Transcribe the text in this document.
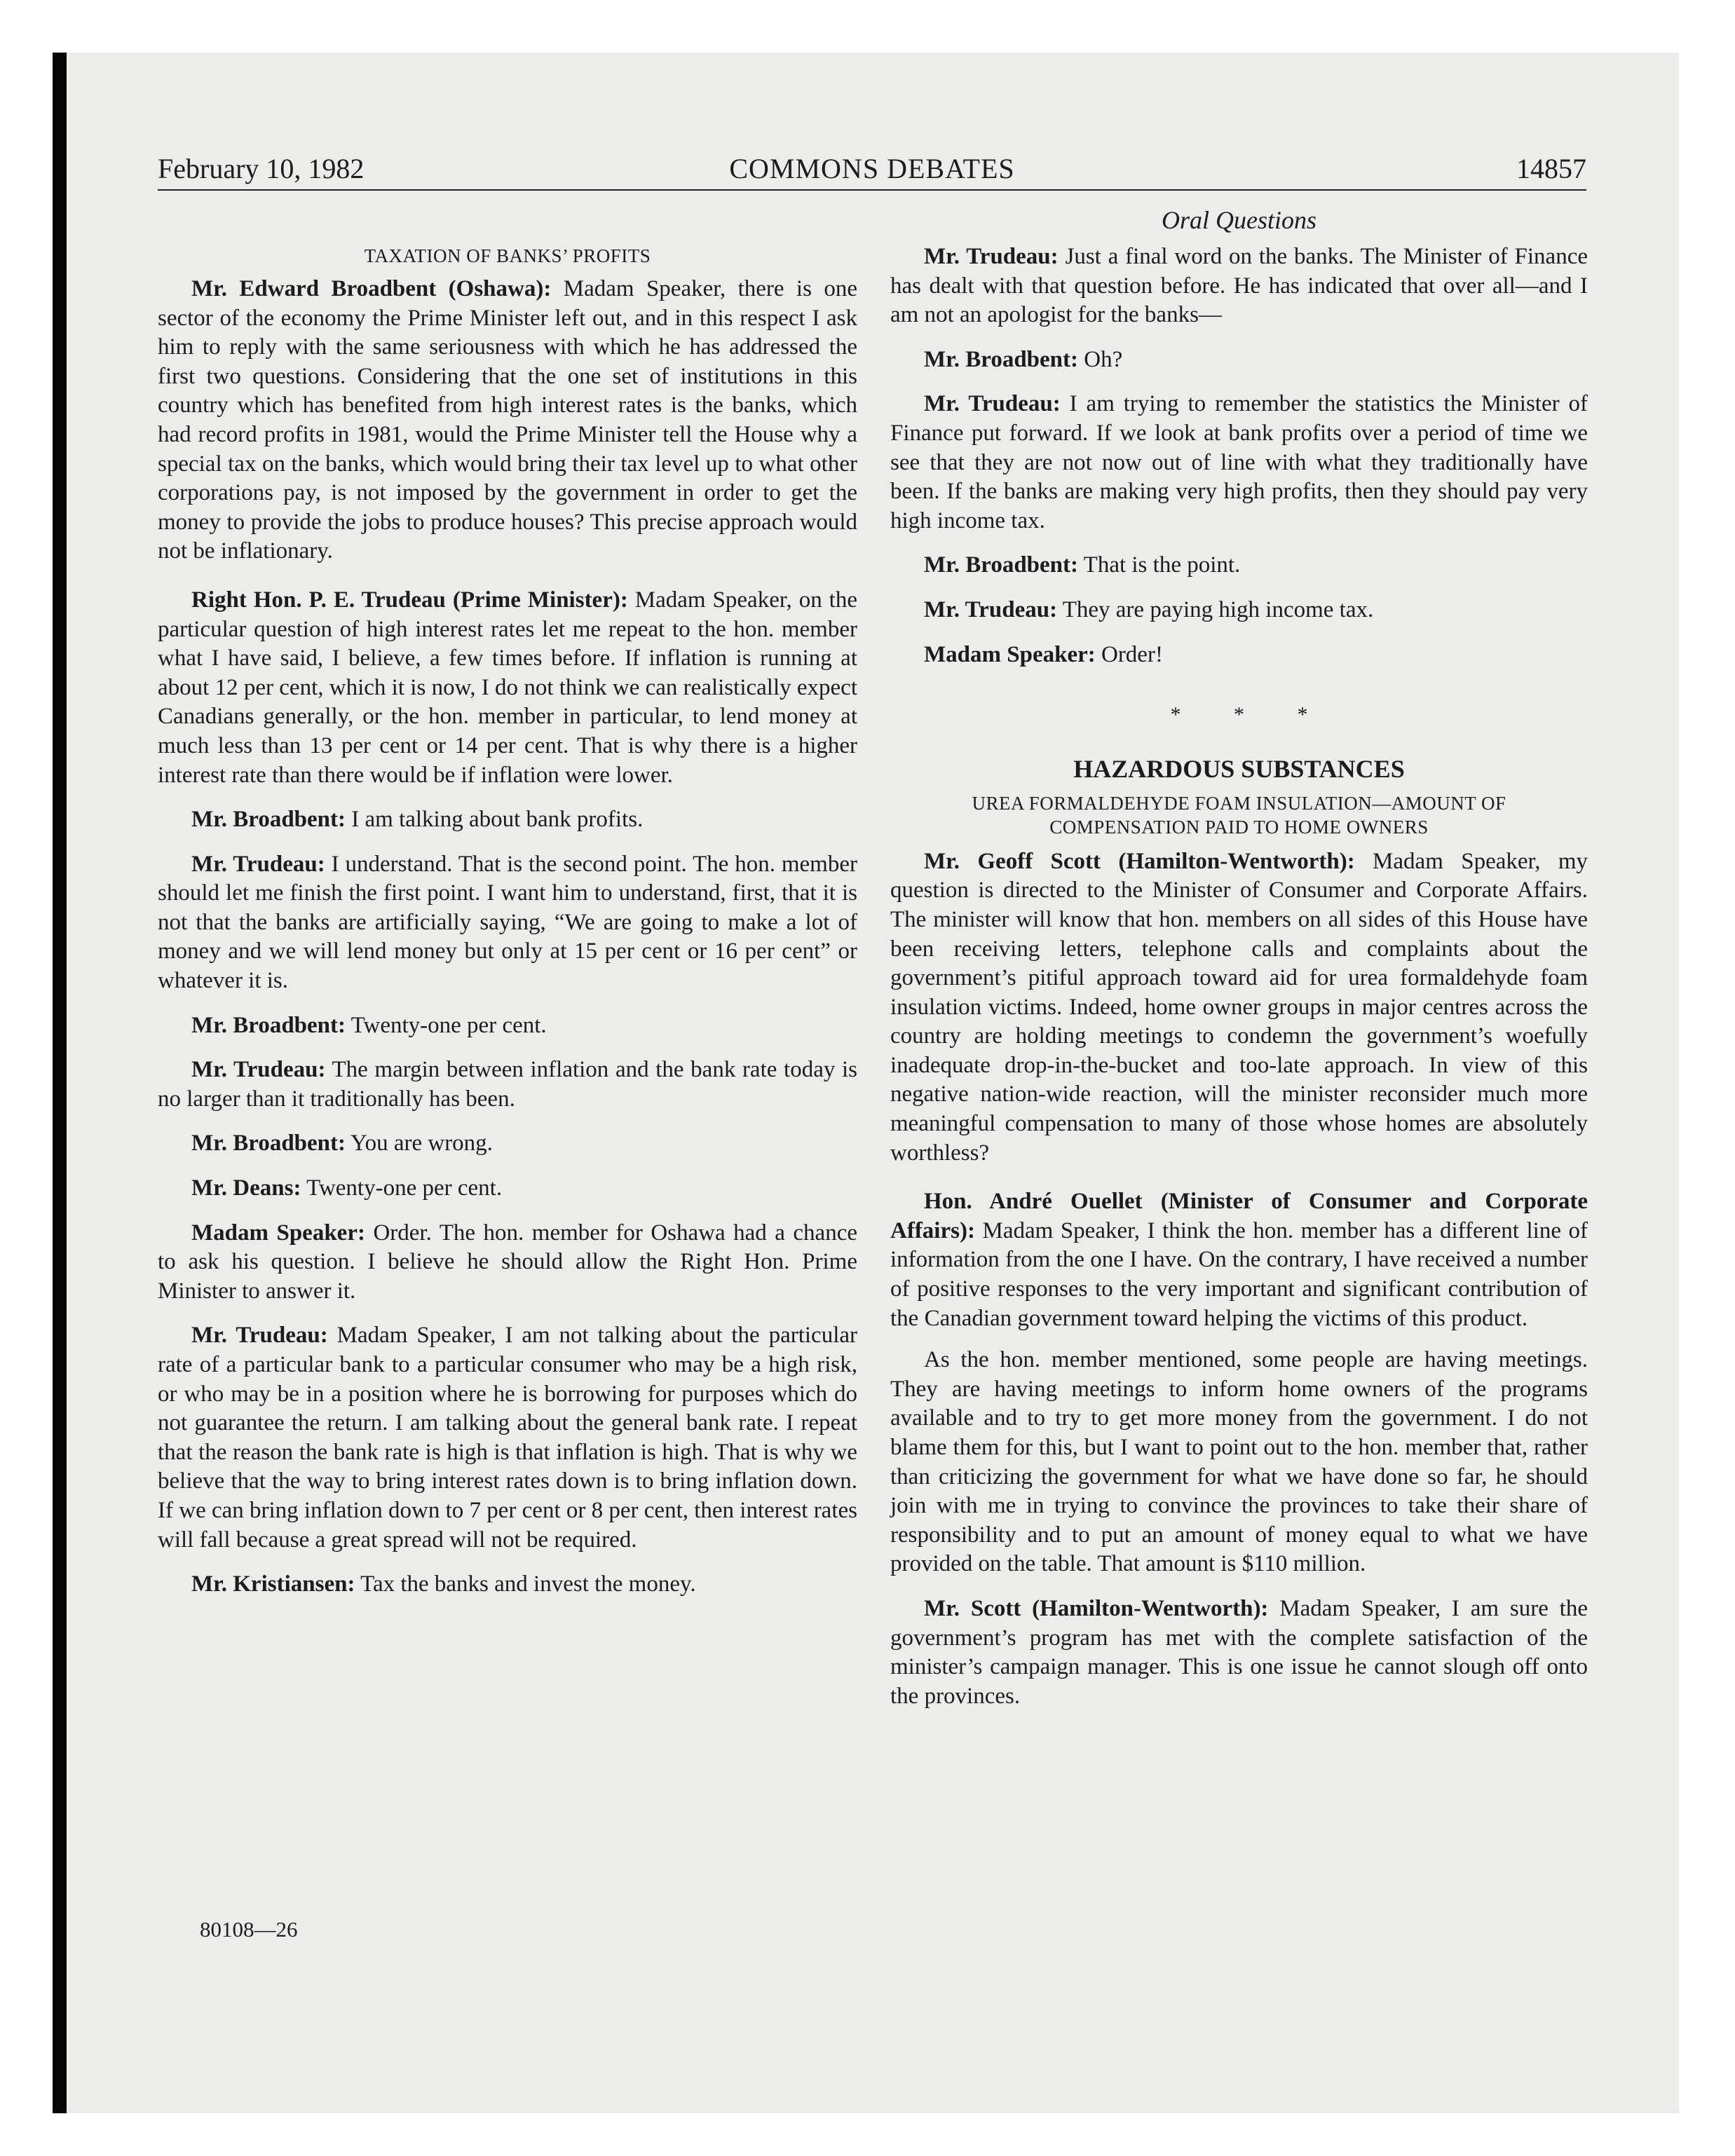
February 10, 1982	COMMONS DEBATES	14857
TAXATION OF BANKS’ PROFITS

Mr. Edward Broadbent (Oshawa): Madam Speaker, there is one sector of the economy the Prime Minister left out, and in this respect I ask him to reply with the same seriousness with which he has addressed the first two questions. Considering that the one set of institutions in this country which has benefited from high interest rates is the banks, which had record profits in 1981, would the Prime Minister tell the House why a special tax on the banks, which would bring their tax level up to what other corporations pay, is not imposed by the government in order to get the money to provide the jobs to produce houses? This precise approach would not be inflationary.

Right Hon. P. E. Trudeau (Prime Minister): Madam Speaker, on the particular question of high interest rates let me repeat to the hon. member what I have said, I believe, a few times before. If inflation is running at about 12 per cent, which it is now, I do not think we can realistically expect Canadians generally, or the hon. member in particular, to lend money at much less than 13 per cent or 14 per cent. That is why there is a higher interest rate than there would be if inflation were lower.

Mr. Broadbent: I am talking about bank profits.

Mr. Trudeau: I understand. That is the second point. The hon. member should let me finish the first point. I want him to understand, first, that it is not that the banks are artificially saying, “We are going to make a lot of money and we will lend money but only at 15 per cent or 16 per cent” or whatever it is.

Mr. Broadbent: Twenty-one per cent.

Mr. Trudeau: The margin between inflation and the bank rate today is no larger than it traditionally has been.

Mr. Broadbent: You are wrong.

Mr. Deans: Twenty-one per cent.

Madam Speaker: Order. The hon. member for Oshawa had a chance to ask his question. I believe he should allow the Right Hon. Prime Minister to answer it.

Mr. Trudeau: Madam Speaker, I am not talking about the particular rate of a particular bank to a particular consumer who may be a high risk, or who may be in a position where he is borrowing for purposes which do not guarantee the return. I am talking about the general bank rate. I repeat that the reason the bank rate is high is that inflation is high. That is why we believe that the way to bring interest rates down is to bring inflation down. If we can bring inflation down to 7 per cent or 8 per cent, then interest rates will fall because a great spread will not be required.

Mr. Kristiansen: Tax the banks and invest the money.

Oral Questions

Mr. Trudeau: Just a final word on the banks. The Minister of Finance has dealt with that question before. He has indicated that over all—and I am not an apologist for the banks—

Mr. Broadbent: Oh?

Mr. Trudeau: I am trying to remember the statistics the Minister of Finance put forward. If we look at bank profits over a period of time we see that they are not now out of line with what they traditionally have been. If the banks are making very high profits, then they should pay very high income tax.

Mr. Broadbent: That is the point.

Mr. Trudeau: They are paying high income tax.

Madam Speaker: Order!

* * *
HAZARDOUS SUBSTANCES
UREA FORMALDEHYDE FOAM INSULATION—AMOUNT OF
COMPENSATION PAID TO HOME OWNERS

Mr. Geoff Scott (Hamilton-Wentworth): Madam Speaker, my question is directed to the Minister of Consumer and Corporate Affairs. The minister will know that hon. members on all sides of this House have been receiving letters, telephone calls and complaints about the government’s pitiful approach toward aid for urea formaldehyde foam insulation victims. Indeed, home owner groups in major centres across the country are holding meetings to condemn the government’s woefully inadequate drop-in-the-bucket and too-late approach. In view of this negative nation-wide reaction, will the minister reconsider much more meaningful compensation to many of those whose homes are absolutely worthless?

Hon. André Ouellet (Minister of Consumer and Corporate Affairs): Madam Speaker, I think the hon. member has a different line of information from the one I have. On the contrary, I have received a number of positive responses to the very important and significant contribution of the Canadian government toward helping the victims of this product.

As the hon. member mentioned, some people are having meetings. They are having meetings to inform home owners of the programs available and to try to get more money from the government. I do not blame them for this, but I want to point out to the hon. member that, rather than criticizing the government for what we have done so far, he should join with me in trying to convince the provinces to take their share of responsibility and to put an amount of money equal to what we have provided on the table. That amount is $110 million.

Mr. Scott (Hamilton-Wentworth): Madam Speaker, I am sure the government’s program has met with the complete satisfaction of the minister’s campaign manager. This is one issue he cannot slough off onto the provinces.

80108—26
